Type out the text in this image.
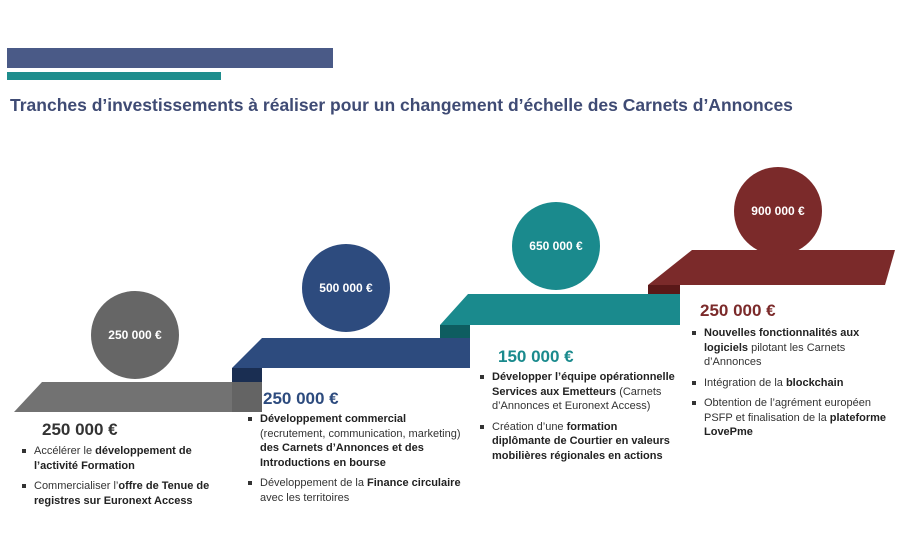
Tranches d’investissements à réaliser pour un changement d’échelle des Carnets d’Annonces
250 000 €
500 000 €
650 000 €
900 000 €
250 000 €
250 000 €
150 000 €
250 000 €
Accélérer le développement de l’activité Formation
Commercialiser l’offre de Tenue de registres sur Euronext Access
Développement commercial (recrutement, communication, marketing) des Carnets d’Annonces et des Introductions en bourse
Développement de la Finance circulaire avec les territoires
Développer l’équipe opérationnelle Services aux Emetteurs (Carnets d’Annonces et Euronext Access)
Création d’une formation diplômante de Courtier en valeurs mobilières régionales en actions
Nouvelles fonctionnalités aux logiciels pilotant les Carnets d’Annonces
Intégration de la blockchain
Obtention de l’agrément européen PSFP et finalisation de la plateforme LovePme
